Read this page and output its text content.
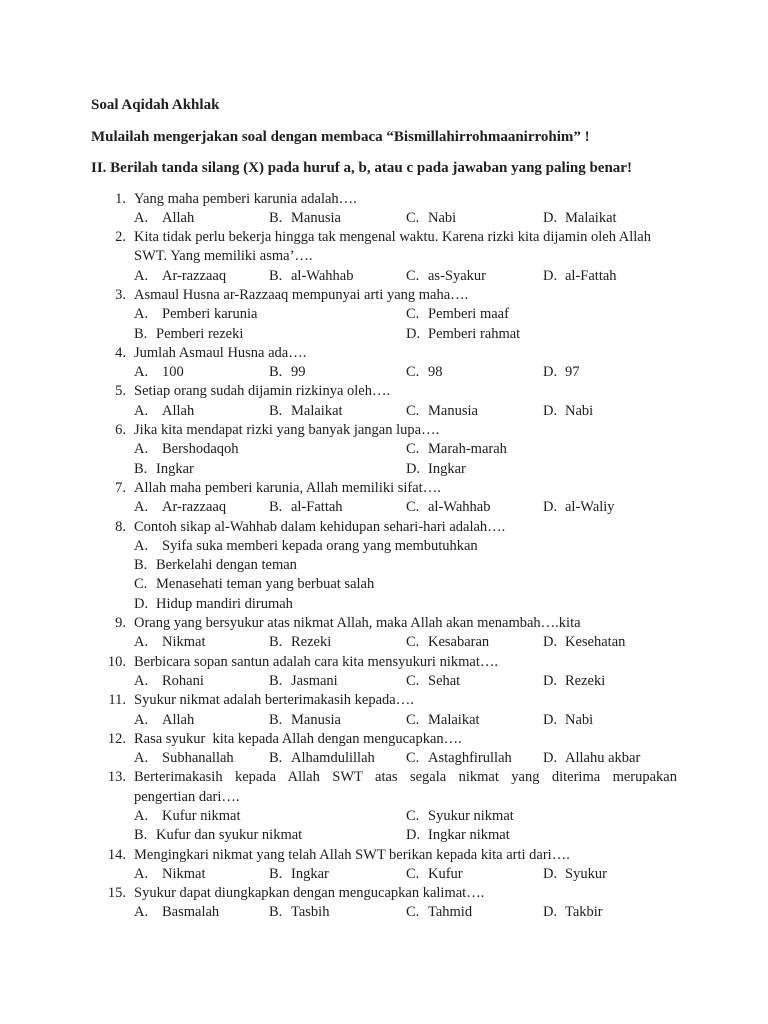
Soal Aqidah Akhlak

Mulailah mengerjakan soal dengan membaca “Bismillahirrohmaanirrohim” !

II. Berilah tanda silang (X) pada huruf a, b, atau c pada jawaban yang paling benar!

1. Yang maha pemberi karunia adalah….
A. Allah	B. Manusia	C. Nabi	D. Malaikat
2. Kita tidak perlu bekerja hingga tak mengenal waktu. Karena rizki kita dijamin oleh Allah
SWT. Yang memiliki asma’….
A. Ar-razzaaq	B. al-Wahhab	C. as-Syakur	D. al-Fattah
3. Asmaul Husna ar-Razzaaq mempunyai arti yang maha….
A. Pemberi karunia	C. Pemberi maaf
B. Pemberi rezeki	D. Pemberi rahmat
4. Jumlah Asmaul Husna ada….
A. 100	B. 99	C. 98	D. 97
5. Setiap orang sudah dijamin rizkinya oleh….
A. Allah	B. Malaikat	C. Manusia	D. Nabi
6. Jika kita mendapat rizki yang banyak jangan lupa….
A. Bershodaqoh	C. Marah-marah
B. Ingkar	D. Ingkar
7. Allah maha pemberi karunia, Allah memiliki sifat….
A. Ar-razzaaq	B. al-Fattah	C. al-Wahhab	D. al-Waliy
8. Contoh sikap al-Wahhab dalam kehidupan sehari-hari adalah….
A. Syifa suka memberi kepada orang yang membutuhkan
B. Berkelahi dengan teman
C. Menasehati teman yang berbuat salah
D. Hidup mandiri dirumah
9. Orang yang bersyukur atas nikmat Allah, maka Allah akan menambah….kita
A. Nikmat	B. Rezeki	C. Kesabaran	D. Kesehatan
10. Berbicara sopan santun adalah cara kita mensyukuri nikmat….
A. Rohani	B. Jasmani	C. Sehat	D. Rezeki
11. Syukur nikmat adalah berterimakasih kepada….
A. Allah	B. Manusia	C. Malaikat	D. Nabi
12. Rasa syukur  kita kepada Allah dengan mengucapkan….
A. Subhanallah	B. Alhamdulillah	C. Astaghfirullah	D. Allahu akbar
13. Berterimakasih kepada Allah SWT atas segala nikmat yang diterima merupakan
pengertian dari….
A. Kufur nikmat	C. Syukur nikmat
B. Kufur dan syukur nikmat	D. Ingkar nikmat
14. Mengingkari nikmat yang telah Allah SWT berikan kepada kita arti dari….
A. Nikmat	B. Ingkar	C. Kufur	D. Syukur
15. Syukur dapat diungkapkan dengan mengucapkan kalimat….
A. Basmalah	B. Tasbih	C. Tahmid	D. Takbir
